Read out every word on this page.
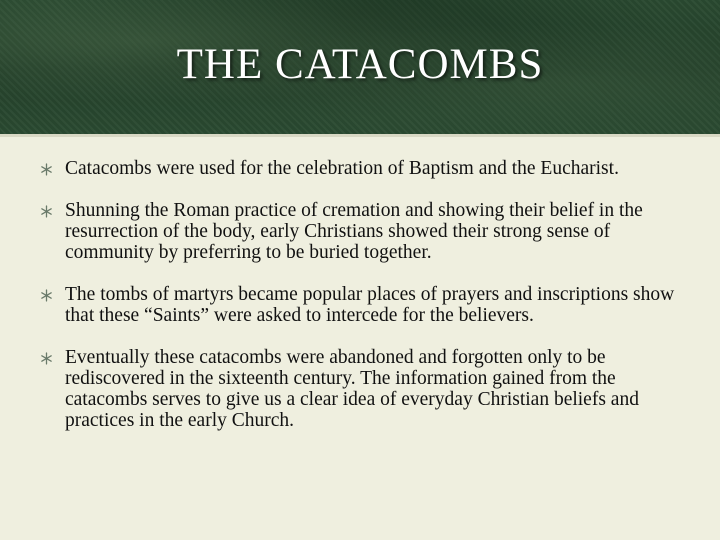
THE CATACOMBS
Catacombs were used for the celebration of Baptism and the Eucharist.
Shunning the Roman practice of cremation and showing their belief in the resurrection of the body, early Christians showed their strong sense of community by preferring to be buried together.
The tombs of martyrs became popular places of prayers and inscriptions show that these “Saints” were asked to intercede for the believers.
Eventually these catacombs were abandoned and forgotten only to be rediscovered in the sixteenth century. The information gained from the catacombs serves to give us a clear idea of everyday Christian beliefs and practices in the early Church.
